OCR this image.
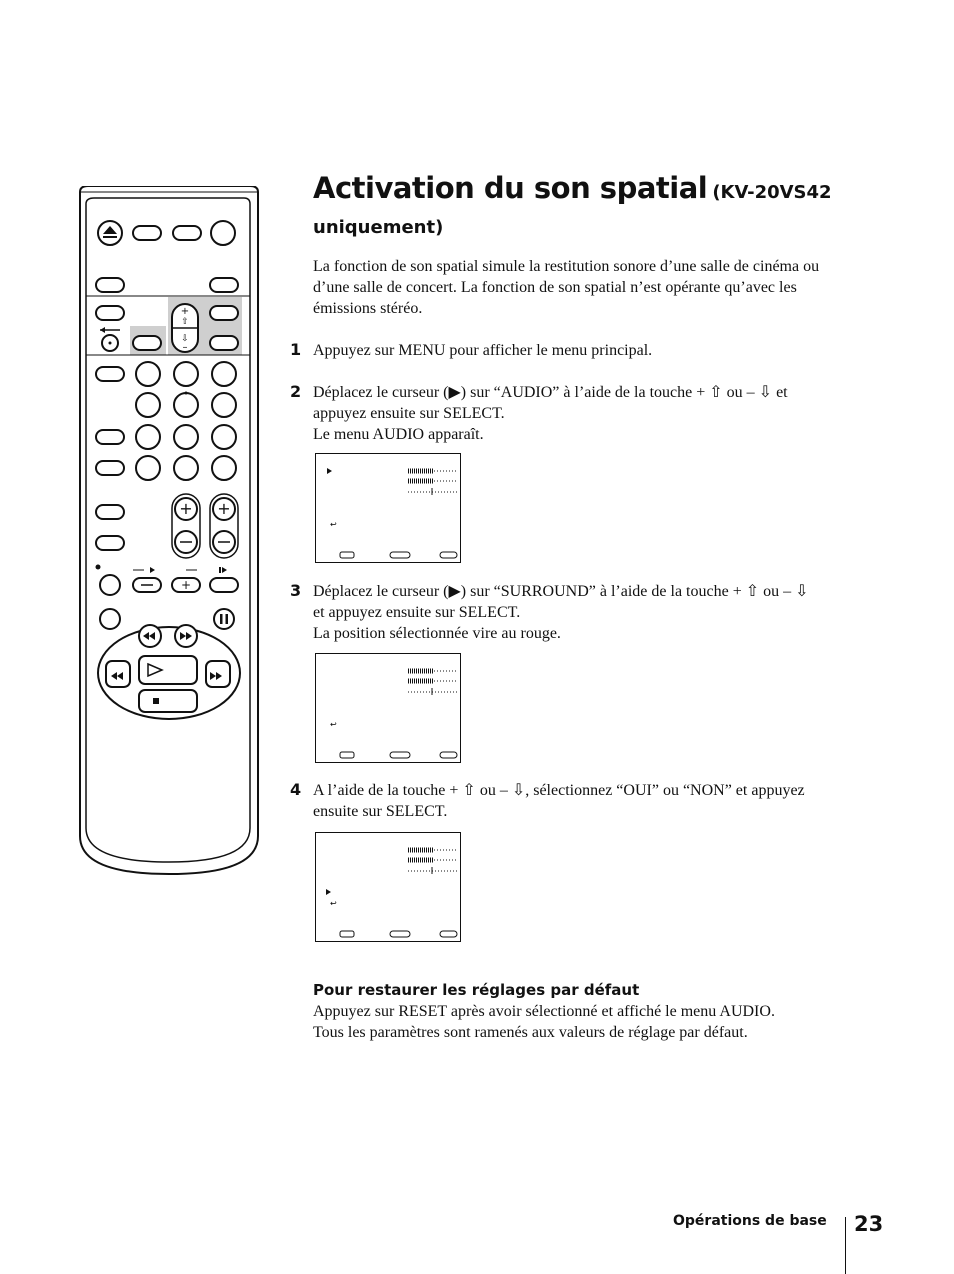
Activation du son spatial (KV-20VS42
uniquement)

La fonction de son spatial simule la restitution sonore d’une salle de cinéma ou d’une salle de concert. La fonction de son spatial n’est opérante qu’avec les émissions stéréo.

1 Appuyez sur MENU pour afficher le menu principal.

2 Déplacez le curseur (▶) sur “AUDIO” à l’aide de la touche + ⇧ ou – ⇩ et

appuyez ensuite sur SELECT.

Le menu AUDIO apparaît.

↩
3 Déplacez le curseur (▶) sur “SURROUND” à l’aide de la touche + ⇧ ou – ⇩

et appuyez ensuite sur SELECT.

La position sélectionnée vire au rouge.

↩
4 A l’aide de la touche + ⇧ ou – ⇩, sélectionnez “OUI” ou “NON” et appuyez

ensuite sur SELECT.

↩
Pour restaurer les réglages par défaut

Appuyez sur RESET après avoir sélectionné et affiché le menu AUDIO.

Tous les paramètres sont ramenés aux valeurs de réglage par défaut.

Opérations de base 23
+
⇧
⇩
–
+ +
+
